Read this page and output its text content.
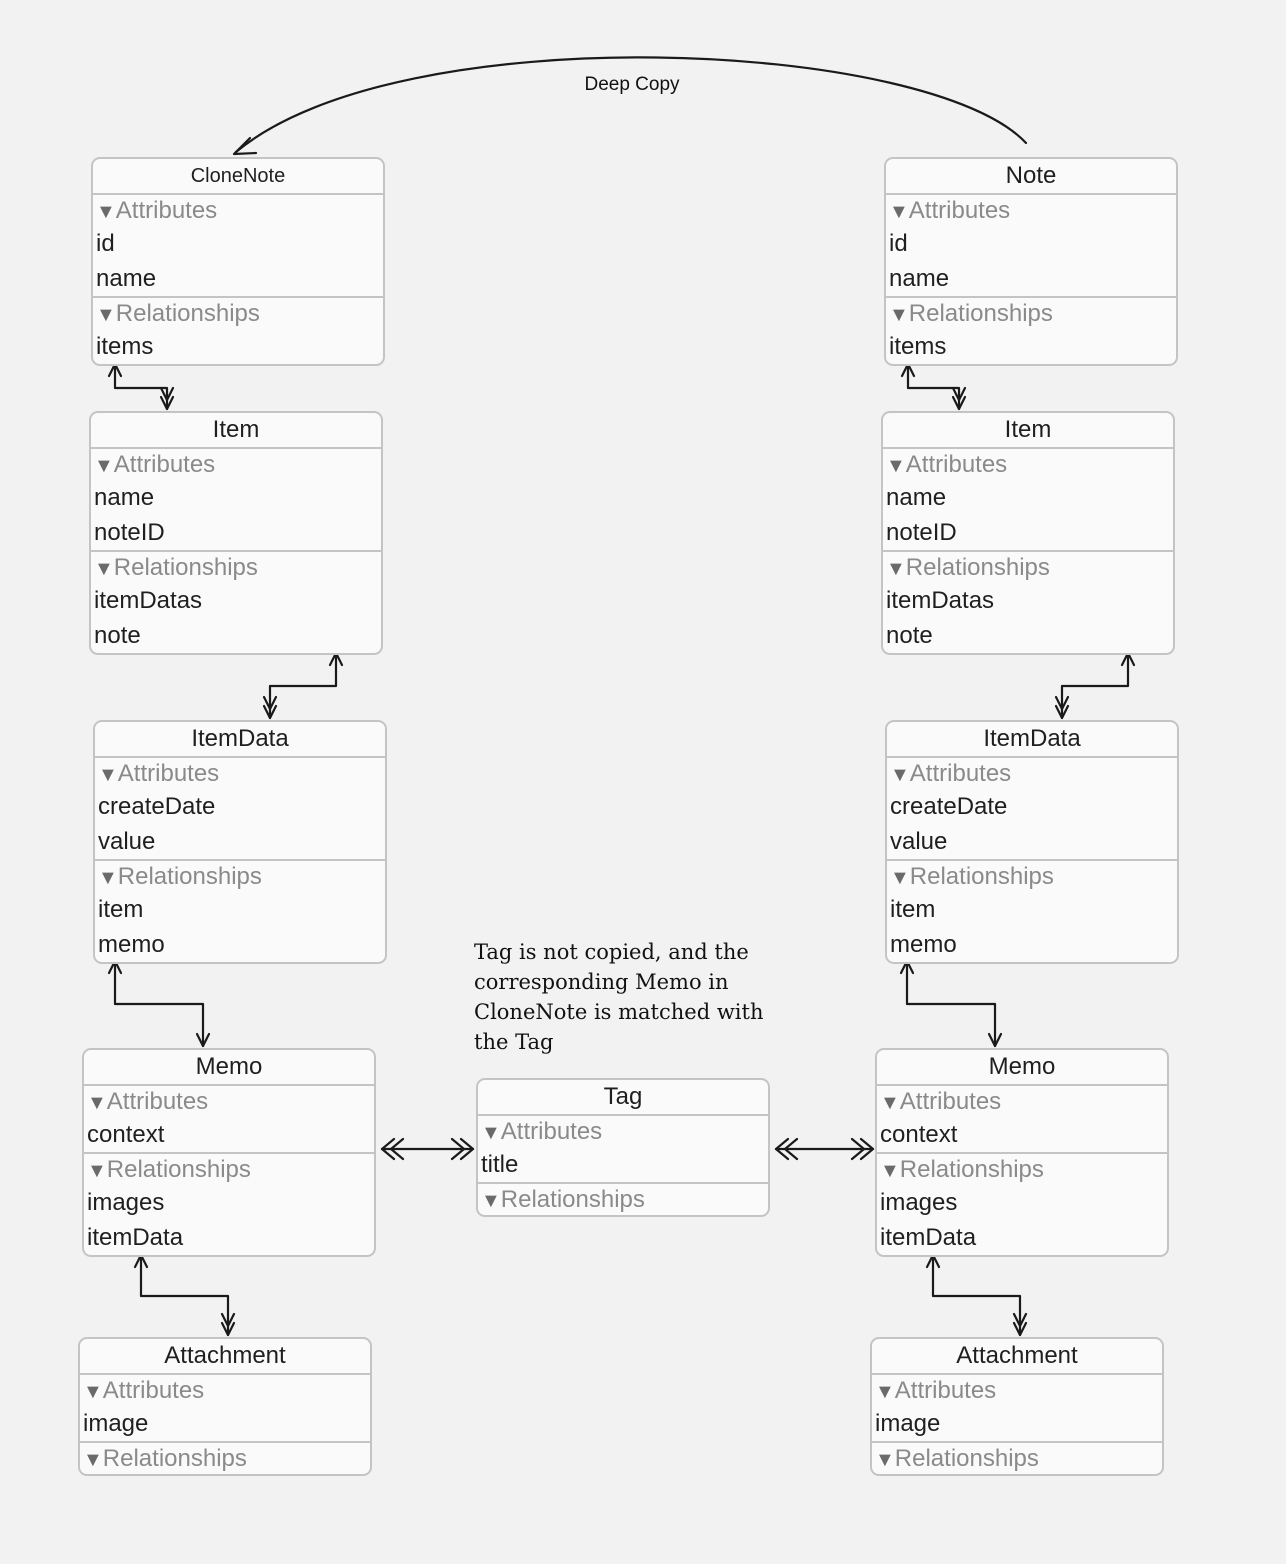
Deep Copy
Tag is not copied, and the corresponding Memo in CloneNote is matched with the Tag
CloneNote
▼Attributes
id
name
▼Relationships
items
Item
▼Attributes
name
noteID
▼Relationships
itemDatas
note
ItemData
▼Attributes
createDate
value
▼Relationships
item
memo
Memo
▼Attributes
context
▼Relationships
images
itemData
Attachment
▼Attributes
image
▼Relationships
Tag
▼Attributes
title
▼Relationships
Note
▼Attributes
id
name
▼Relationships
items
Item
▼Attributes
name
noteID
▼Relationships
itemDatas
note
ItemData
▼Attributes
createDate
value
▼Relationships
item
memo
Memo
▼Attributes
context
▼Relationships
images
itemData
Attachment
▼Attributes
image
▼Relationships
